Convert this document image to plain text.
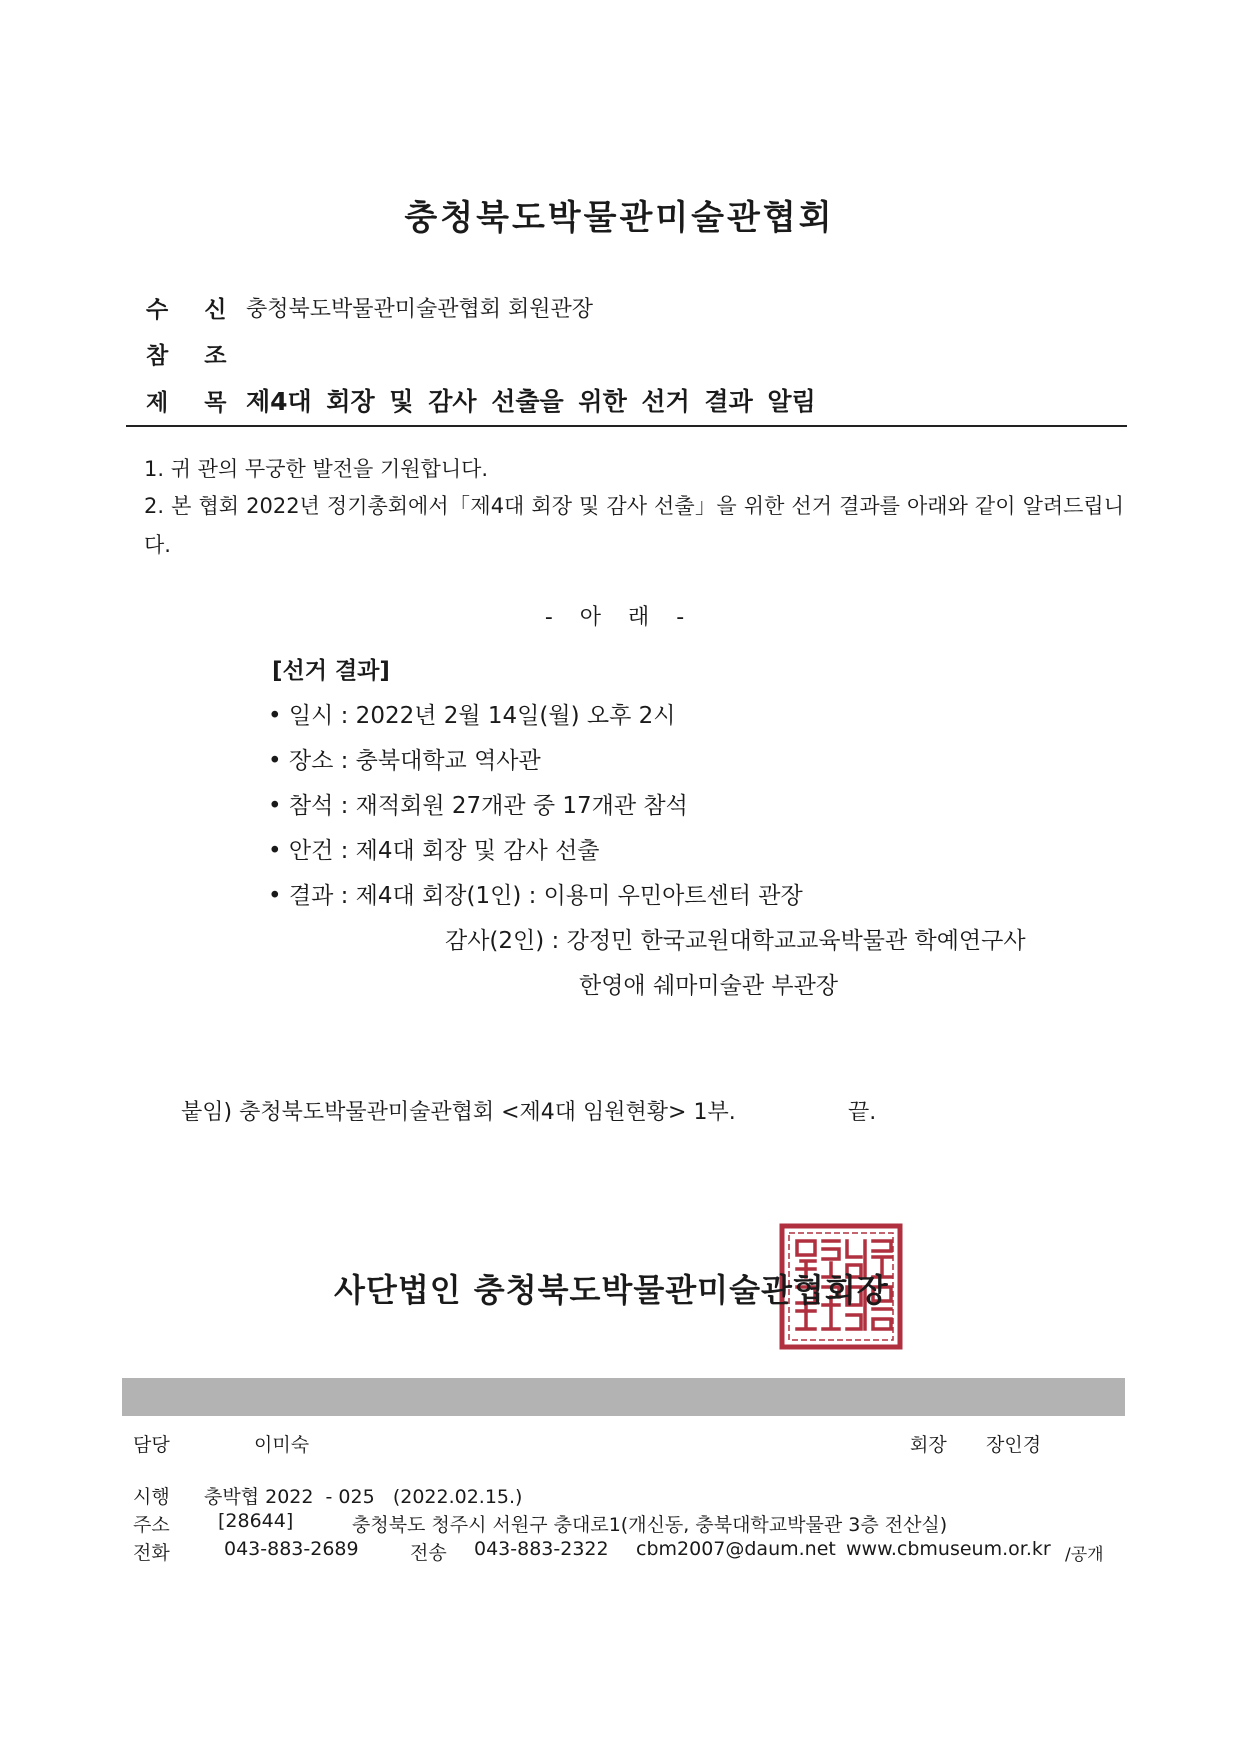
충청북도박물관미술관협회
수 신 충청북도박물관미술관협회 회원관장
참 조
제 목 제4대 회장 및 감사 선출을 위한 선거 결과 알림
1. 귀 관의 무궁한 발전을 기원합니다.
2. 본 협회 2022년 정기총회에서「제4대 회장 및 감사 선출」을 위한 선거 결과를 아래와 같이 알려드립니다.
- 아 래 -
[선거 결과]
• 일시 : 2022년 2월 14일(월) 오후 2시
• 장소 : 충북대학교 역사관
• 참석 : 재적회원 27개관 중 17개관 참석
• 안건 : 제4대 회장 및 감사 선출
• 결과 : 제4대 회장(1인) : 이용미 우민아트센터 관장
감사(2인) : 강정민 한국교원대학교교육박물관 학예연구사
한영애 쉐마미술관 부관장
붙임) 충청북도박물관미술관협회 <제4대 임원현황> 1부.	끝.
사단법인 충청북도박물관미술관협회장
담당	이미숙	회장 장인경
시행 충박협 2022  - 025   (2022.02.15.)
주소	[28644]	충청북도 청주시 서원구 충대로1(개신동, 충북대학교박물관 3층 전산실)
전화	043-883-2689	전송 043-883-2322 cbm2007@daum.net www.cbmuseum.or.kr /공개
